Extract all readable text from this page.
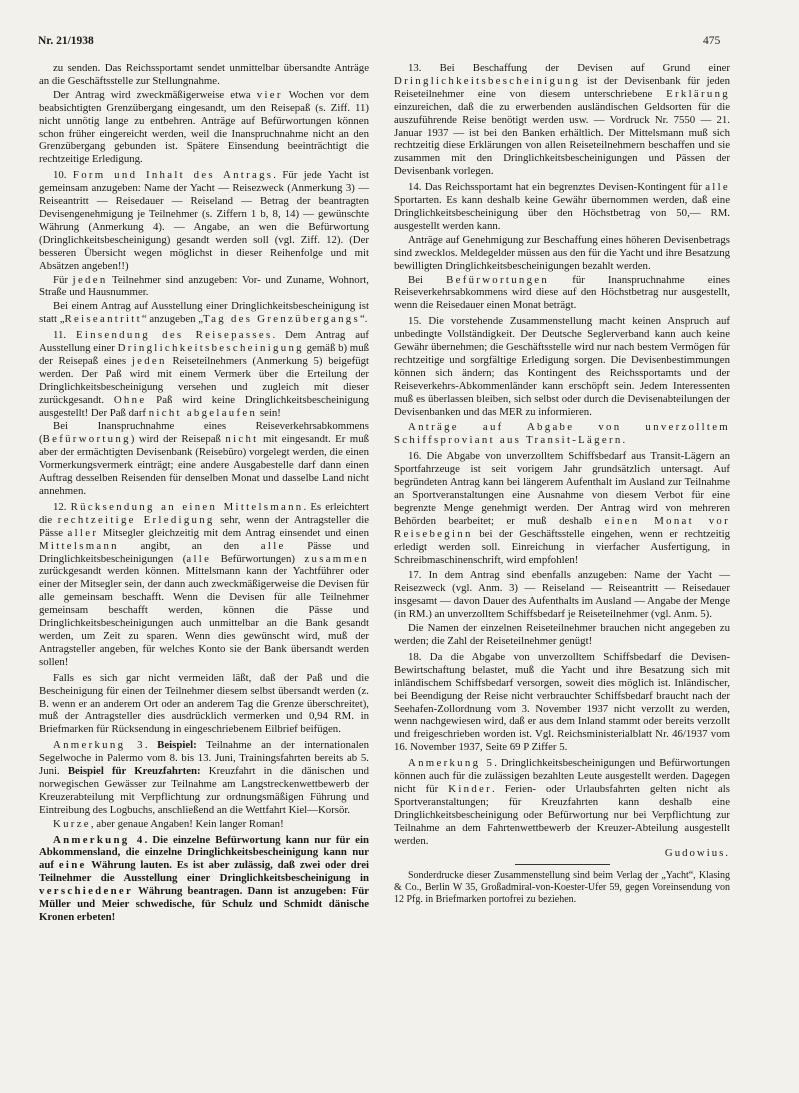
Nr. 21/1938	475

zu senden. Das Reichssportamt sendet unmittelbar übersandte Anträge an die Geschäftsstelle zur Stellungnahme.

Der Antrag wird zweckmäßigerweise etwa vier Wochen vor dem beabsichtigten Grenzübergang eingesandt, um den Reisepaß (s. Ziff. 11) nicht unnötig lange zu entbehren. Anträge auf Befürwortungen können schon früher eingereicht werden, weil die Inanspruchnahme nicht an den Grenzübergang gebunden ist. Spätere Einsendung beeinträchtigt die rechtzeitige Erledigung.

10. Form und Inhalt des Antrags. Für jede Yacht ist gemeinsam anzugeben: Name der Yacht — Reisezweck (Anmerkung 3) — Reiseantritt — Reisedauer — Reiseland — Betrag der beantragten Devisengenehmigung je Teilnehmer (s. Ziffern 1 b, 8, 14) — gewünschte Währung (Anmerkung 4). — Angabe, an wen die Befürwortung (Dringlichkeitsbescheinigung) gesandt werden soll (vgl. Ziff. 12). (Der besseren Übersicht wegen möglichst in dieser Reihenfolge und mit Absätzen angeben!!)

Für jeden Teilnehmer sind anzugeben: Vor- und Zuname, Wohnort, Straße und Hausnummer.

Bei einem Antrag auf Ausstellung einer Dringlichkeitsbescheinigung ist statt „Reiseantritt“ anzugeben „Tag des Grenzübergangs“.

11. Einsendung des Reisepasses. Dem Antrag auf Ausstellung einer Dringlichkeitsbescheinigung gemäß b) muß der Reisepaß eines jeden Reiseteilnehmers (Anmerkung 5) beigefügt werden. Der Paß wird mit einem Vermerk über die Erteilung der Dringlichkeitsbescheinigung versehen und zugleich mit dieser zurückgesandt. Ohne Paß wird keine Dringlichkeitsbescheinigung ausgestellt! Der Paß darf nicht abgelaufen sein!

Bei Inanspruchnahme eines Reiseverkehrsabkommens (Befürwortung) wird der Reisepaß nicht mit eingesandt. Er muß aber der ermächtigten Devisenbank (Reisebüro) vorgelegt werden, die einen Vormerkungsvermerk einträgt; eine andere Ausgabestelle darf dann einen Auftrag desselben Reisenden für denselben Monat und dasselbe Land nicht annehmen.

12. Rücksendung an einen Mittelsmann. Es erleichtert die rechtzeitige Erledigung sehr, wenn der Antragsteller die Pässe aller Mitsegler gleichzeitig mit dem Antrag einsendet und einen Mittelsmann angibt, an den alle Pässe und Dringlichkeitsbescheinigungen (alle Befürwortungen) zusammen zurückgesandt werden können. Mittelsmann kann der Yachtführer oder einer der Mitsegler sein, der dann auch zweckmäßigerweise die Devisen für alle gemeinsam beschafft. Wenn die Devisen für alle Teilnehmer gemeinsam beschafft werden, können die Pässe und Dringlichkeitsbescheinigungen auch unmittelbar an die Bank gesandt werden, um Zeit zu sparen. Wenn dies gewünscht wird, muß der Antragsteller angeben, für welches Konto sie der Bank übersandt werden sollen!

Falls es sich gar nicht vermeiden läßt, daß der Paß und die Bescheinigung für einen der Teilnehmer diesem selbst übersandt werden (z. B. wenn er an anderem Ort oder an anderem Tag die Grenze überschreitet), muß der Antragsteller dies ausdrücklich vermerken und 0,94 RM. in Briefmarken für Rücksendung in eingeschriebenem Eilbrief beifügen.

Anmerkung 3. Beispiel: Teilnahme an der internationalen Segelwoche in Palermo vom 8. bis 13. Juni, Trainingsfahrten bereits ab 5. Juni. Beispiel für Kreuzfahrten: Kreuzfahrt in die dänischen und norwegischen Gewässer zur Teilnahme am Langstreckenwettbewerb der Kreuzerabteilung mit Verpflichtung zur ordnungsmäßigen Führung und Eintreibung des Logbuchs, anschließend an die Wettfahrt Kiel—Korsör.

Kurze, aber genaue Angaben! Kein langer Roman!

Anmerkung 4. Die einzelne Befürwortung kann nur für ein Abkommensland, die einzelne Dringlichkeitsbescheinigung kann nur auf eine Währung lauten. Es ist aber zulässig, daß zwei oder drei Teilnehmer die Ausstellung einer Dringlichkeitsbescheinigung in verschiedener Währung beantragen. Dann ist anzugeben: Für Müller und Meier schwedische, für Schulz und Schmidt dänische Kronen erbeten!

13. Bei Beschaffung der Devisen auf Grund einer Dringlichkeitsbescheinigung ist der Devisenbank für jeden Reiseteilnehmer eine von diesem unterschriebene Erklärung einzureichen, daß die zu erwerbenden ausländischen Geldsorten für die auszuführende Reise benötigt werden usw. — Vordruck Nr. 7550 — 21. Januar 1937 — ist bei den Banken erhältlich. Der Mittelsmann muß sich rechtzeitig diese Erklärungen von allen Reiseteilnehmern beschaffen und sie zusammen mit den Dringlichkeitsbescheinigungen und Pässen der Devisenbank vorlegen.

14. Das Reichssportamt hat ein begrenztes Devisen-Kontingent für alle Sportarten. Es kann deshalb keine Gewähr übernommen werden, daß eine Dringlichkeitsbescheinigung über den Höchstbetrag von 50,— RM. ausgestellt werden kann.

Anträge auf Genehmigung zur Beschaffung eines höheren Devisenbetrags sind zwecklos. Meldegelder müssen aus den für die Yacht und ihre Besatzung bewilligten Dringlichkeitsbescheinigungen bezahlt werden.

Bei Befürwortungen für Inanspruchnahme eines Reiseverkehrsabkommens wird diese auf den Höchstbetrag nur ausgestellt, wenn die Reisedauer einen Monat beträgt.

15. Die vorstehende Zusammenstellung macht keinen Anspruch auf unbedingte Vollständigkeit. Der Deutsche Seglerverband kann auch keine Gewähr übernehmen; die Geschäftsstelle wird nur nach bestem Vermögen für rechtzeitige und sorgfältige Erledigung sorgen. Die Devisenbestimmungen können sich ändern; das Kontingent des Reichssportamts und der Reiseverkehrs-Abkommenländer kann erschöpft sein. Jedem Interessenten muß es überlassen bleiben, sich selbst oder durch die Devisenabteilungen der Devisenbanken und das MER zu informieren.

Anträge auf Abgabe von unverzolltem Schiffsproviant aus Transit-Lägern.

16. Die Abgabe von unverzolltem Schiffsbedarf aus Transit-Lägern an Sportfahrzeuge ist seit vorigem Jahr grundsätzlich untersagt. Auf begründeten Antrag kann bei längerem Aufenthalt im Ausland zur Teilnahme an Sportveranstaltungen eine Ausnahme von diesem Verbot für eine begrenzte Menge genehmigt werden. Der Antrag wird von mehreren Behörden bearbeitet; er muß deshalb einen Monat vor Reisebeginn bei der Geschäftsstelle eingehen, wenn er rechtzeitig erledigt werden soll. Einreichung in vierfacher Ausfertigung, in Schreibmaschinenschrift, wird empfohlen!

17. In dem Antrag sind ebenfalls anzugeben: Name der Yacht — Reisezweck (vgl. Anm. 3) — Reiseland — Reiseantritt — Reisedauer insgesamt — davon Dauer des Aufenthalts im Ausland — Angabe der Menge (in RM.) an unverzolltem Schiffsbedarf je Reiseteilnehmer (vgl. Anm. 5).

Die Namen der einzelnen Reiseteilnehmer brauchen nicht angegeben zu werden; die Zahl der Reiseteilnehmer genügt!

18. Da die Abgabe von unverzolltem Schiffsbedarf die Devisen-Bewirtschaftung belastet, muß die Yacht und ihre Besatzung sich mit inländischem Schiffsbedarf versorgen, soweit dies möglich ist. Inländischer, bei Beendigung der Reise nicht verbrauchter Schiffsbedarf braucht nach der Seehafen-Zollordnung vom 3. November 1937 nicht verzollt zu werden, wenn nachgewiesen wird, daß er aus dem Inland stammt oder bereits verzollt und freigeschrieben worden ist. Vgl. Reichsministerialblatt Nr. 46/1937 vom 16. November 1937, Seite 69 P Ziffer 5.

Anmerkung 5. Dringlichkeitsbescheinigungen und Befürwortungen können auch für die zulässigen bezahlten Leute ausgestellt werden. Dagegen nicht für Kinder. Ferien- oder Urlaubsfahrten gelten nicht als Sportveranstaltungen; für Kreuzfahrten kann deshalb eine Dringlichkeitsbescheinigung oder Befürwortung nur bei Verpflichtung zur Teilnahme an dem Fahrtenwettbewerb der Kreuzer-Abteilung ausgestellt werden.

Gudowius.

Sonderdrucke dieser Zusammenstellung sind beim Verlag der „Yacht“, Klasing & Co., Berlin W 35, Großadmiral-von-Koester-Ufer 59, gegen Voreinsendung von 12 Pfg. in Briefmarken portofrei zu beziehen.
